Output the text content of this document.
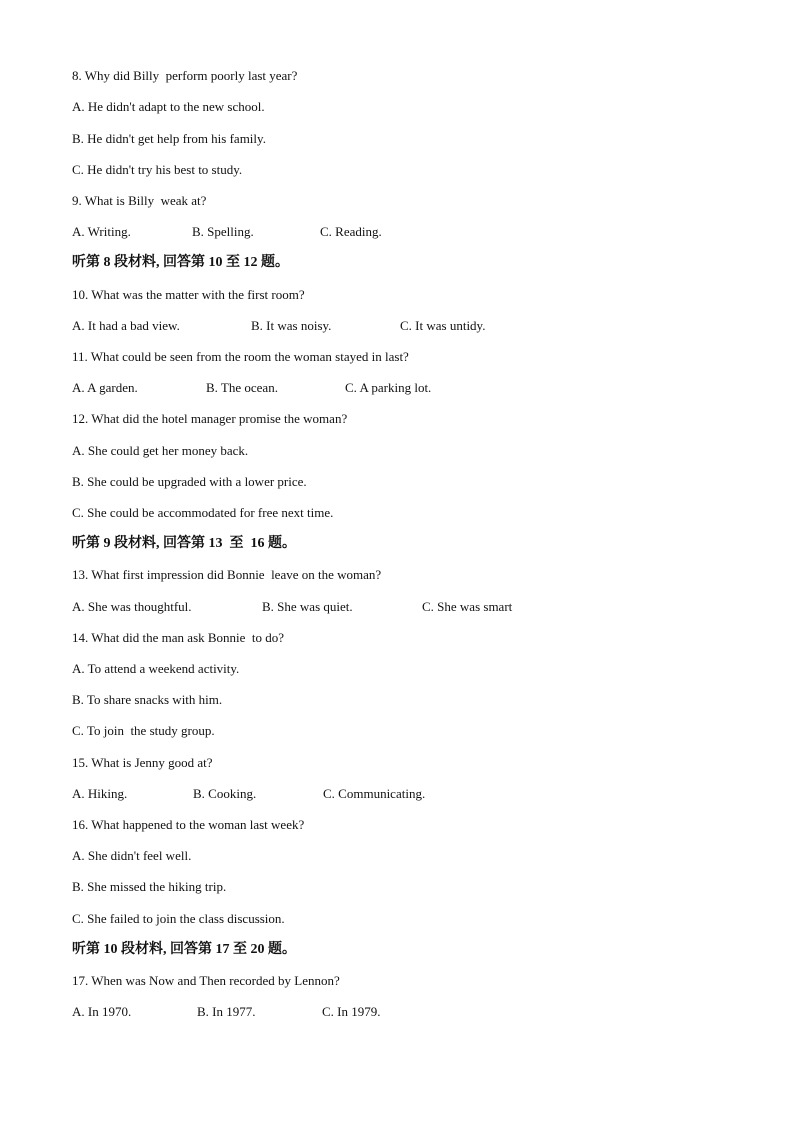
8. Why did Billy  perform poorly last year?
A. He didn't adapt to the new school.
B. He didn't get help from his family.
C. He didn't try his best to study.
9. What is Billy  weak at?
A. Writing.	B. Spelling.	C. Reading.
听第 8 段材料, 回答第 10 至 12 题。
10. What was the matter with the first room?
A. It had a bad view.	B. It was noisy.	C. It was untidy.
11. What could be seen from the room the woman stayed in last?
A. A garden.	B. The ocean.	C. A parking lot.
12. What did the hotel manager promise the woman?
A. She could get her money back.
B. She could be upgraded with a lower price.
C. She could be accommodated for free next time.
听第 9 段材料, 回答第 13  至  16 题。
13. What first impression did Bonnie  leave on the woman?
A. She was thoughtful.	B. She was quiet.	C. She was smart
14. What did the man ask Bonnie  to do?
A. To attend a weekend activity.
B. To share snacks with him.
C. To join  the study group.
15. What is Jenny good at?
A. Hiking.	B. Cooking.	C. Communicating.
16. What happened to the woman last week?
A. She didn't feel well.
B. She missed the hiking trip.
C. She failed to join the class discussion.
听第 10 段材料, 回答第 17 至 20 题。
17. When was Now and Then recorded by Lennon?
A. In 1970.	B. In 1977.	C. In 1979.
